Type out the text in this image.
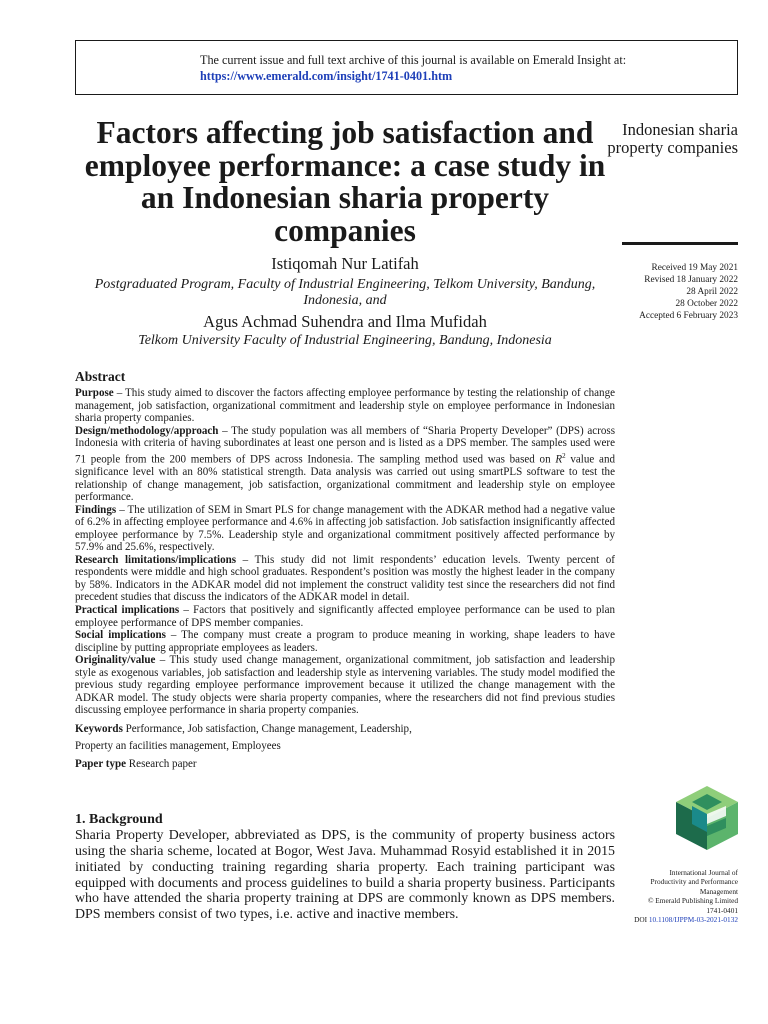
The current issue and full text archive of this journal is available on Emerald Insight at:
https://www.emerald.com/insight/1741-0401.htm
Factors affecting job satisfaction and employee performance: a case study in an Indonesian sharia property companies
Indonesian sharia property companies
Received 19 May 2021
Revised 18 January 2022
28 April 2022
28 October 2022
Accepted 6 February 2023
Istiqomah Nur Latifah
Postgraduated Program, Faculty of Industrial Engineering, Telkom University, Bandung, Indonesia, and
Agus Achmad Suhendra and Ilma Mufidah
Telkom University Faculty of Industrial Engineering, Bandung, Indonesia
Abstract

Purpose – This study aimed to discover the factors affecting employee performance by testing the relationship of change management, job satisfaction, organizational commitment and leadership style on employee performance in Indonesian sharia property companies.

Design/methodology/approach – The study population was all members of “Sharia Property Developer” (DPS) across Indonesia with criteria of having subordinates at least one person and is listed as a DPS member. The samples used were 71 people from the 200 members of DPS across Indonesia. The sampling method used was based on $R^2$ value and significance level with an 80% statistical strength. Data analysis was carried out using smartPLS software to test the relationship of change management, job satisfaction, organizational commitment and leadership style on employee performance.

Findings – The utilization of SEM in Smart PLS for change management with the ADKAR method had a negative value of 6.2% in affecting employee performance and 4.6% in affecting job satisfaction. Job satisfaction insignificantly affected employee performance by 7.5%. Leadership style and organizational commitment positively affected performance by 57.9% and 25.6%, respectively.

Research limitations/implications – This study did not limit respondents’ education levels. Twenty percent of respondents were middle and high school graduates. Respondent’s position was mostly the highest leader in the company by 58%. Indicators in the ADKAR model did not implement the construct validity test since the researchers did not find precedent studies that discuss the indicators of the ADKAR model in detail.

Practical implications – Factors that positively and significantly affected employee performance can be used to plan employee performance of DPS member companies.

Social implications – The company must create a program to produce meaning in working, shape leaders to have discipline by putting appropriate employees as leaders.

Originality/value – This study used change management, organizational commitment, job satisfaction and leadership style as exogenous variables, job satisfaction and leadership style as intervening variables. The study model modified the previous study regarding employee performance improvement because it utilized the change management with the ADKAR model. The study objects were sharia property companies, where the researchers did not find previous studies discussing employee performance in sharia property companies.

Keywords Performance, Job satisfaction, Change management, Leadership,
Property an facilities management, Employees
Paper type Research paper
1. Background

Sharia Property Developer, abbreviated as DPS, is the community of property business actors using the sharia scheme, located at Bogor, West Java. Muhammad Rosyid established it in 2015 initiated by conducting training regarding sharia property. Each training participant was equipped with documents and process guidelines to build a sharia property business. Participants who have attended the sharia property training at DPS are commonly known as DPS members. DPS members consist of two types, i.e. active and inactive members.

International Journal of
Productivity and Performance
Management
© Emerald Publishing Limited
1741-0401
DOI 10.1108/IJPPM-03-2021-0132
